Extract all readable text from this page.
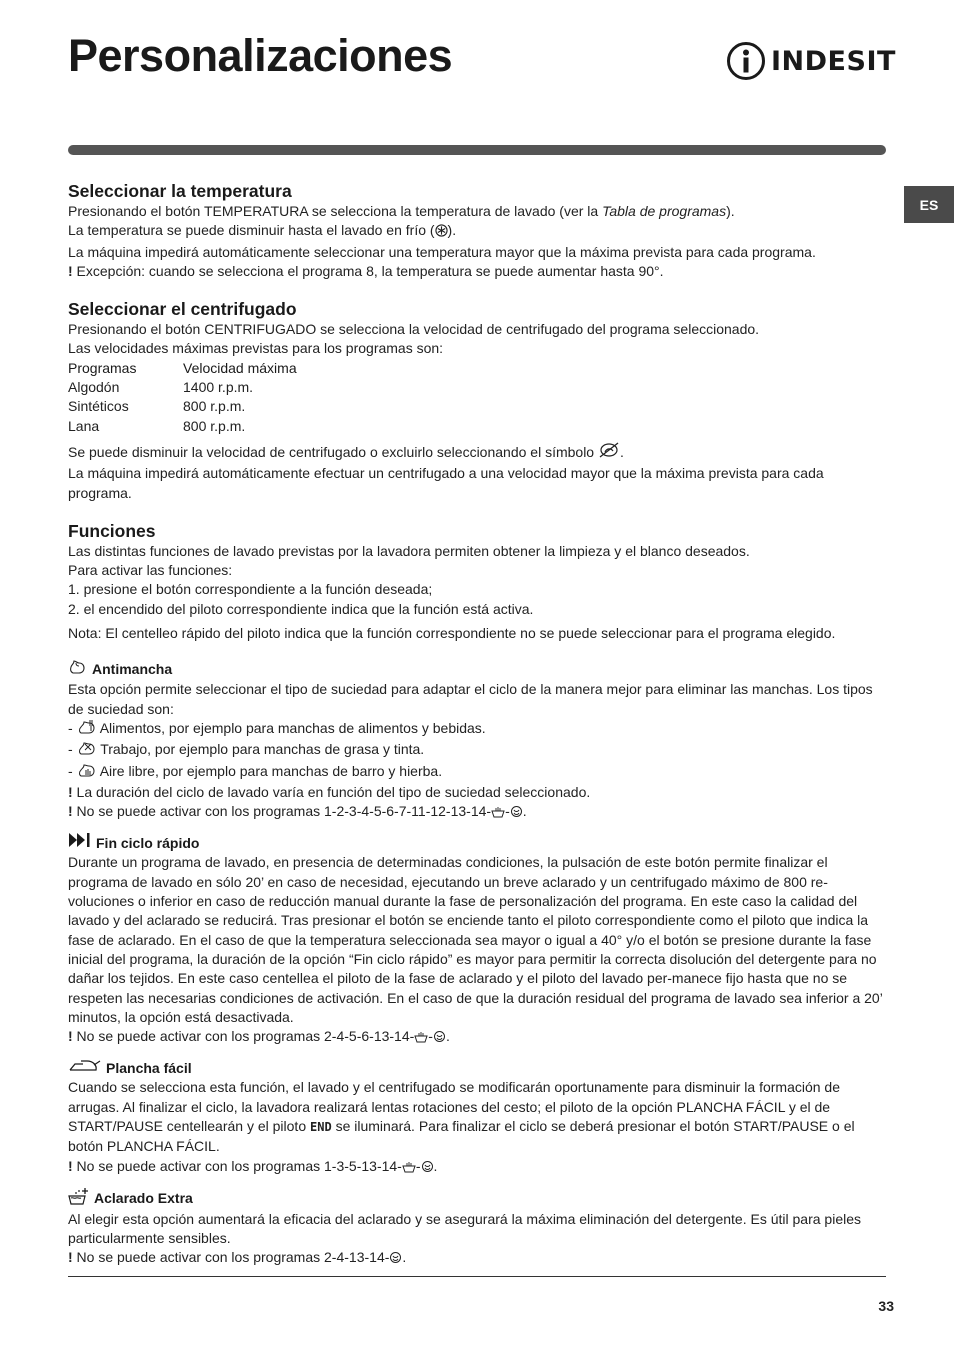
Personalizaciones	INDESIT
ES
Seleccionar la temperatura

Presionando el botón TEMPERATURA se selecciona la temperatura de lavado (ver la Tabla de programas).

La temperatura se puede disminuir hasta el lavado en frío ( ).

La máquina impedirá automáticamente seleccionar una temperatura mayor que la máxima prevista para cada programa.

! Excepción: cuando se selecciona el programa 8, la temperatura se puede aumentar hasta 90°.

Seleccionar el centrifugado

Presionando el botón CENTRIFUGADO se selecciona la velocidad de centrifugado del programa seleccionado.

Las velocidades máximas previstas para los programas son:

Programas	Velocidad máxima
Algodón	1400 r.p.m.
Sintéticos	800 r.p.m.
Lana	800 r.p.m.

Se puede disminuir la velocidad de centrifugado o excluirlo seleccionando el símbolo .

La máquina impedirá automáticamente efectuar un centrifugado a una velocidad mayor que la máxima prevista para cada programa.

Funciones

Las distintas funciones de lavado previstas por la lavadora permiten obtener la limpieza y el blanco deseados.

Para activar las funciones:

1. presione el botón correspondiente a la función deseada;

2. el encendido del piloto correspondiente indica que la función está activa.

Nota: El centelleo rápido del piloto indica que la función correspondiente no se puede seleccionar para el programa elegido.

Antimancha

Esta opción permite seleccionar el tipo de suciedad para adaptar el ciclo de la manera mejor para eliminar las manchas. Los tipos de suciedad son:

-  Alimentos, por ejemplo para manchas de alimentos y bebidas.

-  Trabajo, por ejemplo para manchas de grasa y tinta.

-  Aire libre, por ejemplo para manchas de barro y hierba.

! La duración del ciclo de lavado varía en función del tipo de suciedad seleccionado.

! No se puede activar con los programas 1-2-3-4-5-6-7-11-12-13-14- - .

Fin ciclo rápido

Durante un programa de lavado, en presencia de determinadas condiciones, la pulsación de este botón permite finalizar el programa de lavado en sólo 20’ en caso de necesidad, ejecutando un breve aclarado y un centrifugado máximo de 800 re-voluciones o inferior en caso de reducción manual durante la fase de personalización del programa. En este caso la calidad del lavado y del aclarado se reducirá. Tras presionar el botón se enciende tanto el piloto correspondiente como el piloto que indica la fase de aclarado. En el caso de que la temperatura seleccionada sea mayor o igual a 40° y/o el botón se presione durante la fase inicial del programa, la duración de la opción “Fin ciclo rápido” es mayor para permitir la correcta disolución del detergente para no dañar los tejidos. En este caso centellea el piloto de la fase de aclarado y el piloto del lavado per-manece fijo hasta que no se respeten las necesarias condiciones de activación. En el caso de que la duración residual del programa de lavado sea inferior a 20’ minutos, la opción está desactivada.

! No se puede activar con los programas 2-4-5-6-13-14- - .

Plancha fácil

Cuando se selecciona esta función, el lavado y el centrifugado se modificarán oportunamente para disminuir la formación de arrugas. Al finalizar el ciclo, la lavadora realizará lentas rotaciones del cesto; el piloto de la opción PLANCHA FÁCIL y el de START/PAUSE centellearán y el piloto END se iluminará. Para finalizar el ciclo se deberá presionar el botón START/PAUSE o el botón PLANCHA FÁCIL.

! No se puede activar con los programas 1-3-5-13-14- - .

Aclarado Extra

Al elegir esta opción aumentará la eficacia del aclarado y se asegurará la máxima eliminación del detergente. Es útil para pieles particularmente sensibles.

! No se puede activar con los programas 2-4-13-14- .

33
